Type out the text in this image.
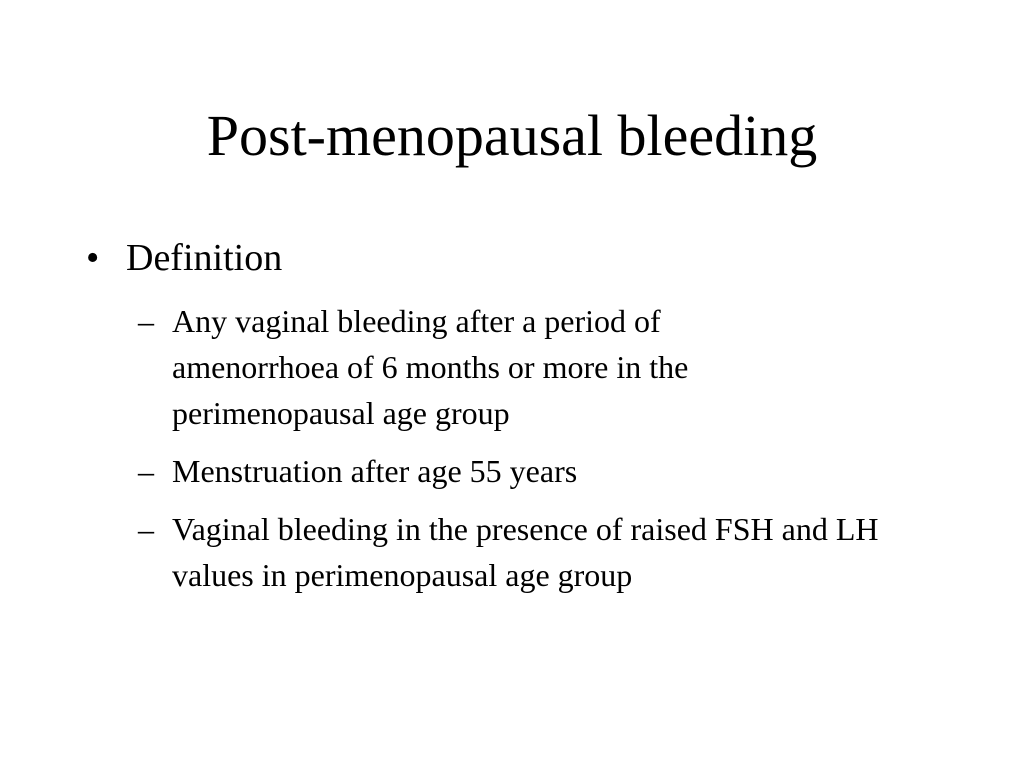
Post-menopausal bleeding
• Definition
– Any vaginal bleeding after a period of amenorrhoea of 6 months or more in the perimenopausal age group
– Menstruation after age 55 years
– Vaginal bleeding in the presence of raised FSH and LH values in perimenopausal age group
